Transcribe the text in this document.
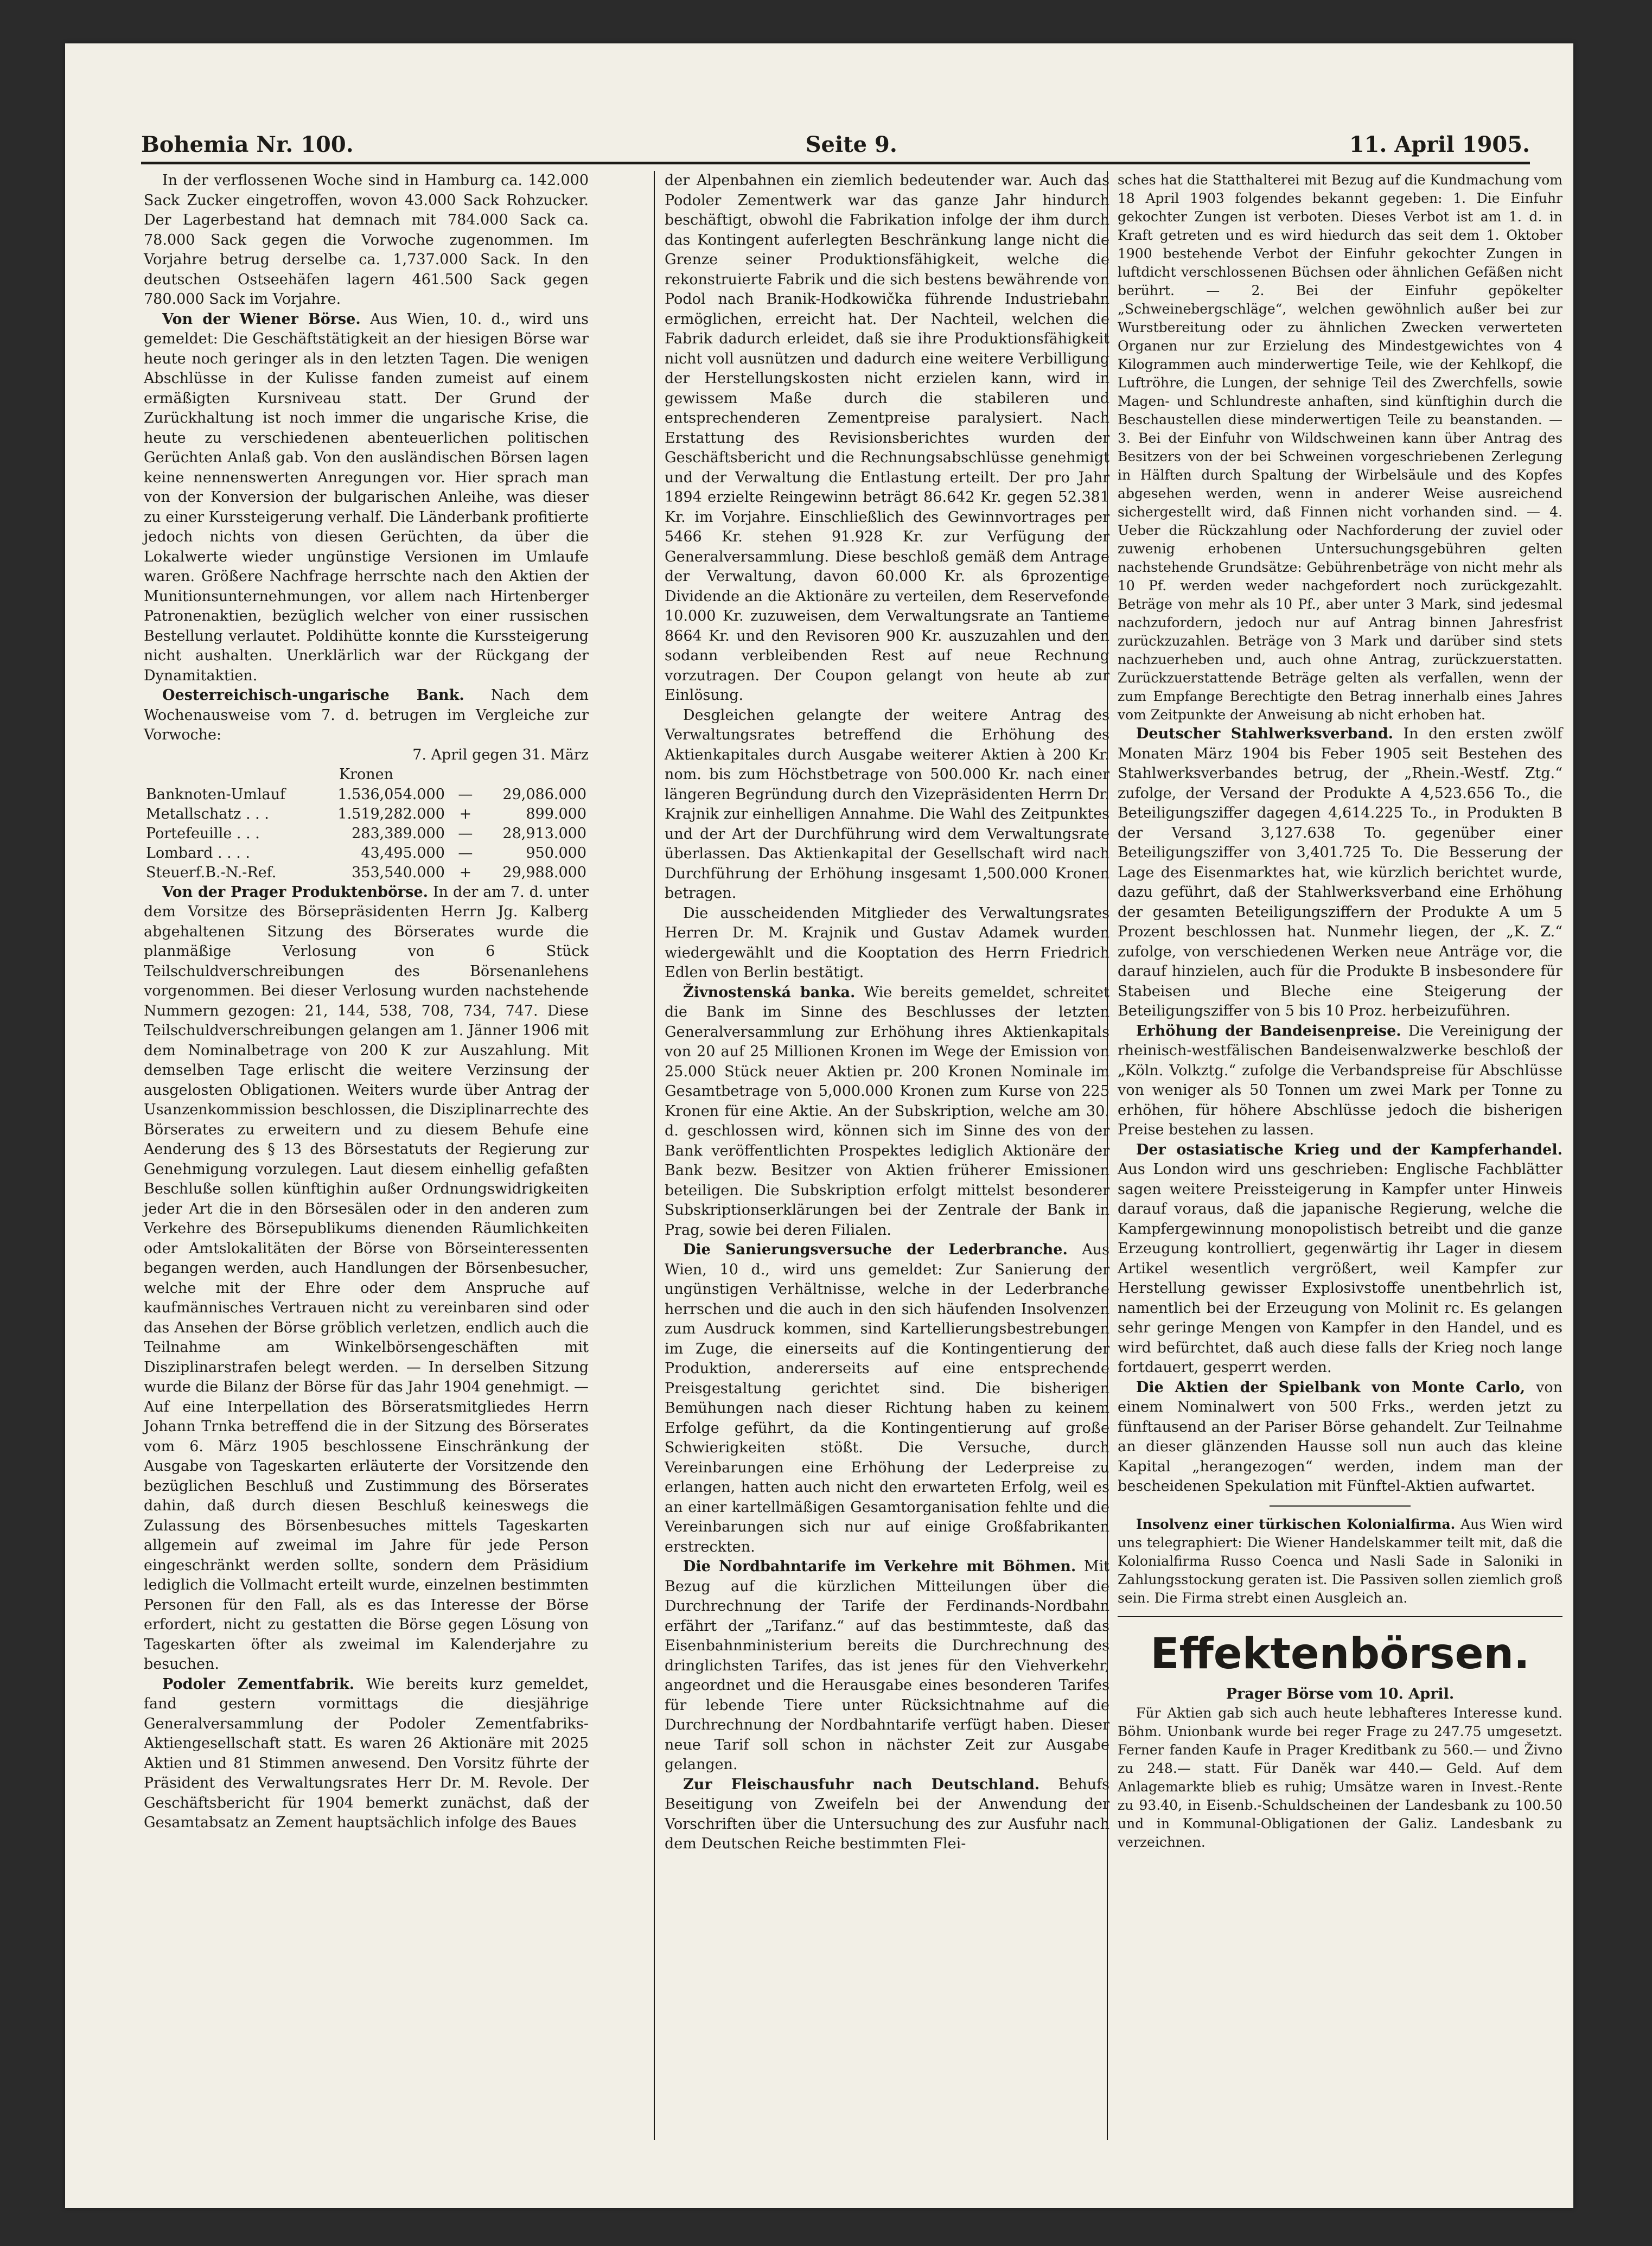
Bohemia Nr. 100.	Seite 9.	11. April 1905.

In der verflossenen Woche sind in Hamburg ca. 142.000 Sack Zucker eingetroffen, wovon 43.000 Sack Rohzucker. Der Lagerbestand hat demnach mit 784.000 Sack ca. 78.000 Sack gegen die Vorwoche zugenommen. Im Vorjahre betrug derselbe ca. 1,737.000 Sack. In den deutschen Ostseehäfen lagern 461.500 Sack gegen 780.000 Sack im Vorjahre.

Von der Wiener Börse. Aus Wien, 10. d., wird uns gemeldet: Die Geschäftstätigkeit an der hiesigen Börse war heute noch geringer als in den letzten Tagen. Die wenigen Abschlüsse in der Kulisse fanden zumeist auf einem ermäßigten Kursniveau statt. Der Grund der Zurückhaltung ist noch immer die ungarische Krise, die heute zu verschiedenen abenteuerlichen politischen Gerüchten Anlaß gab. Von den ausländischen Börsen lagen keine nennenswerten Anregungen vor. Hier sprach man von der Konversion der bulgarischen Anleihe, was dieser zu einer Kurssteigerung verhalf. Die Länderbank profitierte jedoch nichts von diesen Gerüchten, da über die Lokalwerte wieder ungünstige Versionen im Umlaufe waren. Größere Nachfrage herrschte nach den Aktien der Munitionsunternehmungen, vor allem nach Hirtenberger Patronenaktien, bezüglich welcher von einer russischen Bestellung verlautet. Poldihütte konnte die Kurssteigerung nicht aushalten. Unerklärlich war der Rückgang der Dynamitaktien.

Oesterreichisch-ungarische Bank. Nach dem Wochenausweise vom 7. d. betrugen im Vergleiche zur Vorwoche:

7. April gegen 31. März
Kronen
Banknoten-Umlauf	1.536,054.000	—	29,086.000
Metallschatz . . .	1.519,282.000	+	899.000
Portefeuille . . .	283,389.000	—	28,913.000
Lombard . . . .	43,495.000	—	950.000
Steuerf.B.-N.-Ref.	353,540.000	+	29,988.000

Von der Prager Produktenbörse. In der am 7. d. unter dem Vorsitze des Börsepräsidenten Herrn Jg. Kalberg abgehaltenen Sitzung des Börserates wurde die planmäßige Verlosung von 6 Stück Teilschuldverschreibungen des Börsenanlehens vorgenommen. Bei dieser Verlosung wurden nachstehende Nummern gezogen: 21, 144, 538, 708, 734, 747. Diese Teilschuldverschreibungen gelangen am 1. Jänner 1906 mit dem Nominalbetrage von 200 K zur Auszahlung. Mit demselben Tage erlischt die weitere Verzinsung der ausgelosten Obligationen. Weiters wurde über Antrag der Usanzenkommission beschlossen, die Disziplinarrechte des Börserates zu erweitern und zu diesem Behufe eine Aenderung des § 13 des Börsestatuts der Regierung zur Genehmigung vorzulegen. Laut diesem einhellig gefaßten Beschluße sollen künftighin außer Ordnungswidrigkeiten jeder Art die in den Börsesälen oder in den anderen zum Verkehre des Börsepublikums dienenden Räumlichkeiten oder Amtslokalitäten der Börse von Börseinteressenten begangen werden, auch Handlungen der Börsenbesucher, welche mit der Ehre oder dem Anspruche auf kaufmännisches Vertrauen nicht zu vereinbaren sind oder das Ansehen der Börse gröblich verletzen, endlich auch die Teilnahme am Winkelbörsengeschäften mit Disziplinarstrafen belegt werden. — In derselben Sitzung wurde die Bilanz der Börse für das Jahr 1904 genehmigt. — Auf eine Interpellation des Börseratsmitgliedes Herrn Johann Trnka betreffend die in der Sitzung des Börserates vom 6. März 1905 beschlossene Einschränkung der Ausgabe von Tageskarten erläuterte der Vorsitzende den bezüglichen Beschluß und Zustimmung des Börserates dahin, daß durch diesen Beschluß keineswegs die Zulassung des Börsenbesuches mittels Tageskarten allgemein auf zweimal im Jahre für jede Person eingeschränkt werden sollte, sondern dem Präsidium lediglich die Vollmacht erteilt wurde, einzelnen bestimmten Personen für den Fall, als es das Interesse der Börse erfordert, nicht zu gestatten die Börse gegen Lösung von Tageskarten öfter als zweimal im Kalenderjahre zu besuchen.

Podoler Zementfabrik. Wie bereits kurz gemeldet, fand gestern vormittags die diesjährige Generalversammlung der Podoler Zementfabriks-Aktiengesellschaft statt. Es waren 26 Aktionäre mit 2025 Aktien und 81 Stimmen anwesend. Den Vorsitz führte der Präsident des Verwaltungsrates Herr Dr. M. Revole. Der Geschäftsbericht für 1904 bemerkt zunächst, daß der Gesamtabsatz an Zement hauptsächlich infolge des Baues

der Alpenbahnen ein ziemlich bedeutender war. Auch das Podoler Zementwerk war das ganze Jahr hindurch beschäftigt, obwohl die Fabrikation infolge der ihm durch das Kontingent auferlegten Beschränkung lange nicht die Grenze seiner Produktionsfähigkeit, welche die rekonstruierte Fabrik und die sich bestens bewährende von Podol nach Branik-Hodkowička führende Industriebahn ermöglichen, erreicht hat. Der Nachteil, welchen die Fabrik dadurch erleidet, daß sie ihre Produktionsfähigkeit nicht voll ausnützen und dadurch eine weitere Verbilligung der Herstellungskosten nicht erzielen kann, wird in gewissem Maße durch die stabileren und entsprechenderen Zementpreise paralysiert. Nach Erstattung des Revisionsberichtes wurden der Geschäftsbericht und die Rechnungsabschlüsse genehmigt und der Verwaltung die Entlastung erteilt. Der pro Jahr 1894 erzielte Reingewinn beträgt 86.642 Kr. gegen 52.381 Kr. im Vorjahre. Einschließlich des Gewinnvortrages per 5466 Kr. stehen 91.928 Kr. zur Verfügung der Generalversammlung. Diese beschloß gemäß dem Antrage der Verwaltung, davon 60.000 Kr. als 6prozentige Dividende an die Aktionäre zu verteilen, dem Reservefonde 10.000 Kr. zuzuweisen, dem Verwaltungsrate an Tantieme 8664 Kr. und den Revisoren 900 Kr. auszuzahlen und den sodann verbleibenden Rest auf neue Rechnung vorzutragen. Der Coupon gelangt von heute ab zur Einlösung.

Desgleichen gelangte der weitere Antrag des Verwaltungsrates betreffend die Erhöhung des Aktienkapitales durch Ausgabe weiterer Aktien à 200 Kr. nom. bis zum Höchstbetrage von 500.000 Kr. nach einer längeren Begründung durch den Vizepräsidenten Herrn Dr. Krajnik zur einhelligen Annahme. Die Wahl des Zeitpunktes und der Art der Durchführung wird dem Verwaltungsrate überlassen. Das Aktienkapital der Gesellschaft wird nach Durchführung der Erhöhung insgesamt 1,500.000 Kronen betragen.

Die ausscheidenden Mitglieder des Verwaltungsrates Herren Dr. M. Krajnik und Gustav Adamek wurden wiedergewählt und die Kooptation des Herrn Friedrich Edlen von Berlin bestätigt.

Živnostenská banka. Wie bereits gemeldet, schreitet die Bank im Sinne des Beschlusses der letzten Generalversammlung zur Erhöhung ihres Aktienkapitals von 20 auf 25 Millionen Kronen im Wege der Emission von 25.000 Stück neuer Aktien pr. 200 Kronen Nominale im Gesamtbetrage von 5,000.000 Kronen zum Kurse von 225 Kronen für eine Aktie. An der Subskription, welche am 30. d. geschlossen wird, können sich im Sinne des von der Bank veröffentlichten Prospektes lediglich Aktionäre der Bank bezw. Besitzer von Aktien früherer Emissionen beteiligen. Die Subskription erfolgt mittelst besonderer Subskriptionserklärungen bei der Zentrale der Bank in Prag, sowie bei deren Filialen.

Die Sanierungsversuche der Lederbranche. Aus Wien, 10 d., wird uns gemeldet: Zur Sanierung der ungünstigen Verhältnisse, welche in der Lederbranche herrschen und die auch in den sich häufenden Insolvenzen zum Ausdruck kommen, sind Kartellierungsbestrebungen im Zuge, die einerseits auf die Kontingentierung der Produktion, andererseits auf eine entsprechende Preisgestaltung gerichtet sind. Die bisherigen Bemühungen nach dieser Richtung haben zu keinem Erfolge geführt, da die Kontingentierung auf große Schwierigkeiten stößt. Die Versuche, durch Vereinbarungen eine Erhöhung der Lederpreise zu erlangen, hatten auch nicht den erwarteten Erfolg, weil es an einer kartellmäßigen Gesamtorganisation fehlte und die Vereinbarungen sich nur auf einige Großfabrikanten erstreckten.

Die Nordbahntarife im Verkehre mit Böhmen. Mit Bezug auf die kürzlichen Mitteilungen über die Durchrechnung der Tarife der Ferdinands-Nordbahn erfährt der „Tarifanz.“ auf das bestimmteste, daß das Eisenbahnministerium bereits die Durchrechnung des dringlichsten Tarifes, das ist jenes für den Viehverkehr, angeordnet und die Herausgabe eines besonderen Tarifes für lebende Tiere unter Rücksichtnahme auf die Durchrechnung der Nordbahntarife verfügt haben. Dieser neue Tarif soll schon in nächster Zeit zur Ausgabe gelangen.

Zur Fleischausfuhr nach Deutschland. Behufs Beseitigung von Zweifeln bei der Anwendung der Vorschriften über die Untersuchung des zur Ausfuhr nach dem Deutschen Reiche bestimmten Flei-

sches hat die Statthalterei mit Bezug auf die Kundmachung vom 18 April 1903 folgendes bekannt gegeben: 1. Die Einfuhr gekochter Zungen ist verboten. Dieses Verbot ist am 1. d. in Kraft getreten und es wird hiedurch das seit dem 1. Oktober 1900 bestehende Verbot der Einfuhr gekochter Zungen in luftdicht verschlossenen Büchsen oder ähnlichen Gefäßen nicht berührt. — 2. Bei der Einfuhr gepökelter „Schweinebergschläge“, welchen gewöhnlich außer bei zur Wurstbereitung oder zu ähnlichen Zwecken verwerteten Organen nur zur Erzielung des Mindestgewichtes von 4 Kilogrammen auch minderwertige Teile, wie der Kehlkopf, die Luftröhre, die Lungen, der sehnige Teil des Zwerchfells, sowie Magen- und Schlundreste anhaften, sind künftighin durch die Beschaustellen diese minderwertigen Teile zu beanstanden. — 3. Bei der Einfuhr von Wildschweinen kann über Antrag des Besitzers von der bei Schweinen vorgeschriebenen Zerlegung in Hälften durch Spaltung der Wirbelsäule und des Kopfes abgesehen werden, wenn in anderer Weise ausreichend sichergestellt wird, daß Finnen nicht vorhanden sind. — 4. Ueber die Rückzahlung oder Nachforderung der zuviel oder zuwenig erhobenen Untersuchungsgebühren gelten nachstehende Grundsätze: Gebührenbeträge von nicht mehr als 10 Pf. werden weder nachgefordert noch zurückgezahlt. Beträge von mehr als 10 Pf., aber unter 3 Mark, sind jedesmal nachzufordern, jedoch nur auf Antrag binnen Jahresfrist zurückzuzahlen. Beträge von 3 Mark und darüber sind stets nachzuerheben und, auch ohne Antrag, zurückzuerstatten. Zurückzuerstattende Beträge gelten als verfallen, wenn der zum Empfange Berechtigte den Betrag innerhalb eines Jahres vom Zeitpunkte der Anweisung ab nicht erhoben hat.

Deutscher Stahlwerksverband. In den ersten zwölf Monaten März 1904 bis Feber 1905 seit Bestehen des Stahlwerksverbandes betrug, der „Rhein.-Westf. Ztg.“ zufolge, der Versand der Produkte A 4,523.656 To., die Beteiligungsziffer dagegen 4,614.225 To., in Produkten B der Versand 3,127.638 To. gegenüber einer Beteiligungsziffer von 3,401.725 To. Die Besserung der Lage des Eisenmarktes hat, wie kürzlich berichtet wurde, dazu geführt, daß der Stahlwerksverband eine Erhöhung der gesamten Beteiligungsziffern der Produkte A um 5 Prozent beschlossen hat. Nunmehr liegen, der „K. Z.“ zufolge, von verschiedenen Werken neue Anträge vor, die darauf hinzielen, auch für die Produkte B insbesondere für Stabeisen und Bleche eine Steigerung der Beteiligungsziffer von 5 bis 10 Proz. herbeizuführen.

Erhöhung der Bandeisenpreise. Die Vereinigung der rheinisch-westfälischen Bandeisenwalzwerke beschloß der „Köln. Volkztg.“ zufolge die Verbandspreise für Abschlüsse von weniger als 50 Tonnen um zwei Mark per Tonne zu erhöhen, für höhere Abschlüsse jedoch die bisherigen Preise bestehen zu lassen.

Der ostasiatische Krieg und der Kampferhandel. Aus London wird uns geschrieben: Englische Fachblätter sagen weitere Preissteigerung in Kampfer unter Hinweis darauf voraus, daß die japanische Regierung, welche die Kampfergewinnung monopolistisch betreibt und die ganze Erzeugung kontrolliert, gegenwärtig ihr Lager in diesem Artikel wesentlich vergrößert, weil Kampfer zur Herstellung gewisser Explosivstoffe unentbehrlich ist, namentlich bei der Erzeugung von Molinit rc. Es gelangen sehr geringe Mengen von Kampfer in den Handel, und es wird befürchtet, daß auch diese falls der Krieg noch lange fortdauert, gesperrt werden.

Die Aktien der Spielbank von Monte Carlo, von einem Nominalwert von 500 Frks., werden jetzt zu fünftausend an der Pariser Börse gehandelt. Zur Teilnahme an dieser glänzenden Hausse soll nun auch das kleine Kapital „herangezogen“ werden, indem man der bescheidenen Spekulation mit Fünftel-Aktien aufwartet.

Insolvenz einer türkischen Kolonialfirma. Aus Wien wird uns telegraphiert: Die Wiener Handelskammer teilt mit, daß die Kolonialfirma Russo Coenca und Nasli Sade in Saloniki in Zahlungsstockung geraten ist. Die Passiven sollen ziemlich groß sein. Die Firma strebt einen Ausgleich an.

Effektenbörsen.
Prager Börse vom 10. April.

Für Aktien gab sich auch heute lebhafteres Interesse kund. Böhm. Unionbank wurde bei reger Frage zu 247.75 umgesetzt. Ferner fanden Kaufe in Prager Kreditbank zu 560.— und Živno zu 248.— statt. Für Daněk war 440.— Geld. Auf dem Anlagemarkte blieb es ruhig; Umsätze waren in Invest.-Rente zu 93.40, in Eisenb.-Schuldscheinen der Landesbank zu 100.50 und in Kommunal-Obligationen der Galiz. Landesbank zu verzeichnen.
